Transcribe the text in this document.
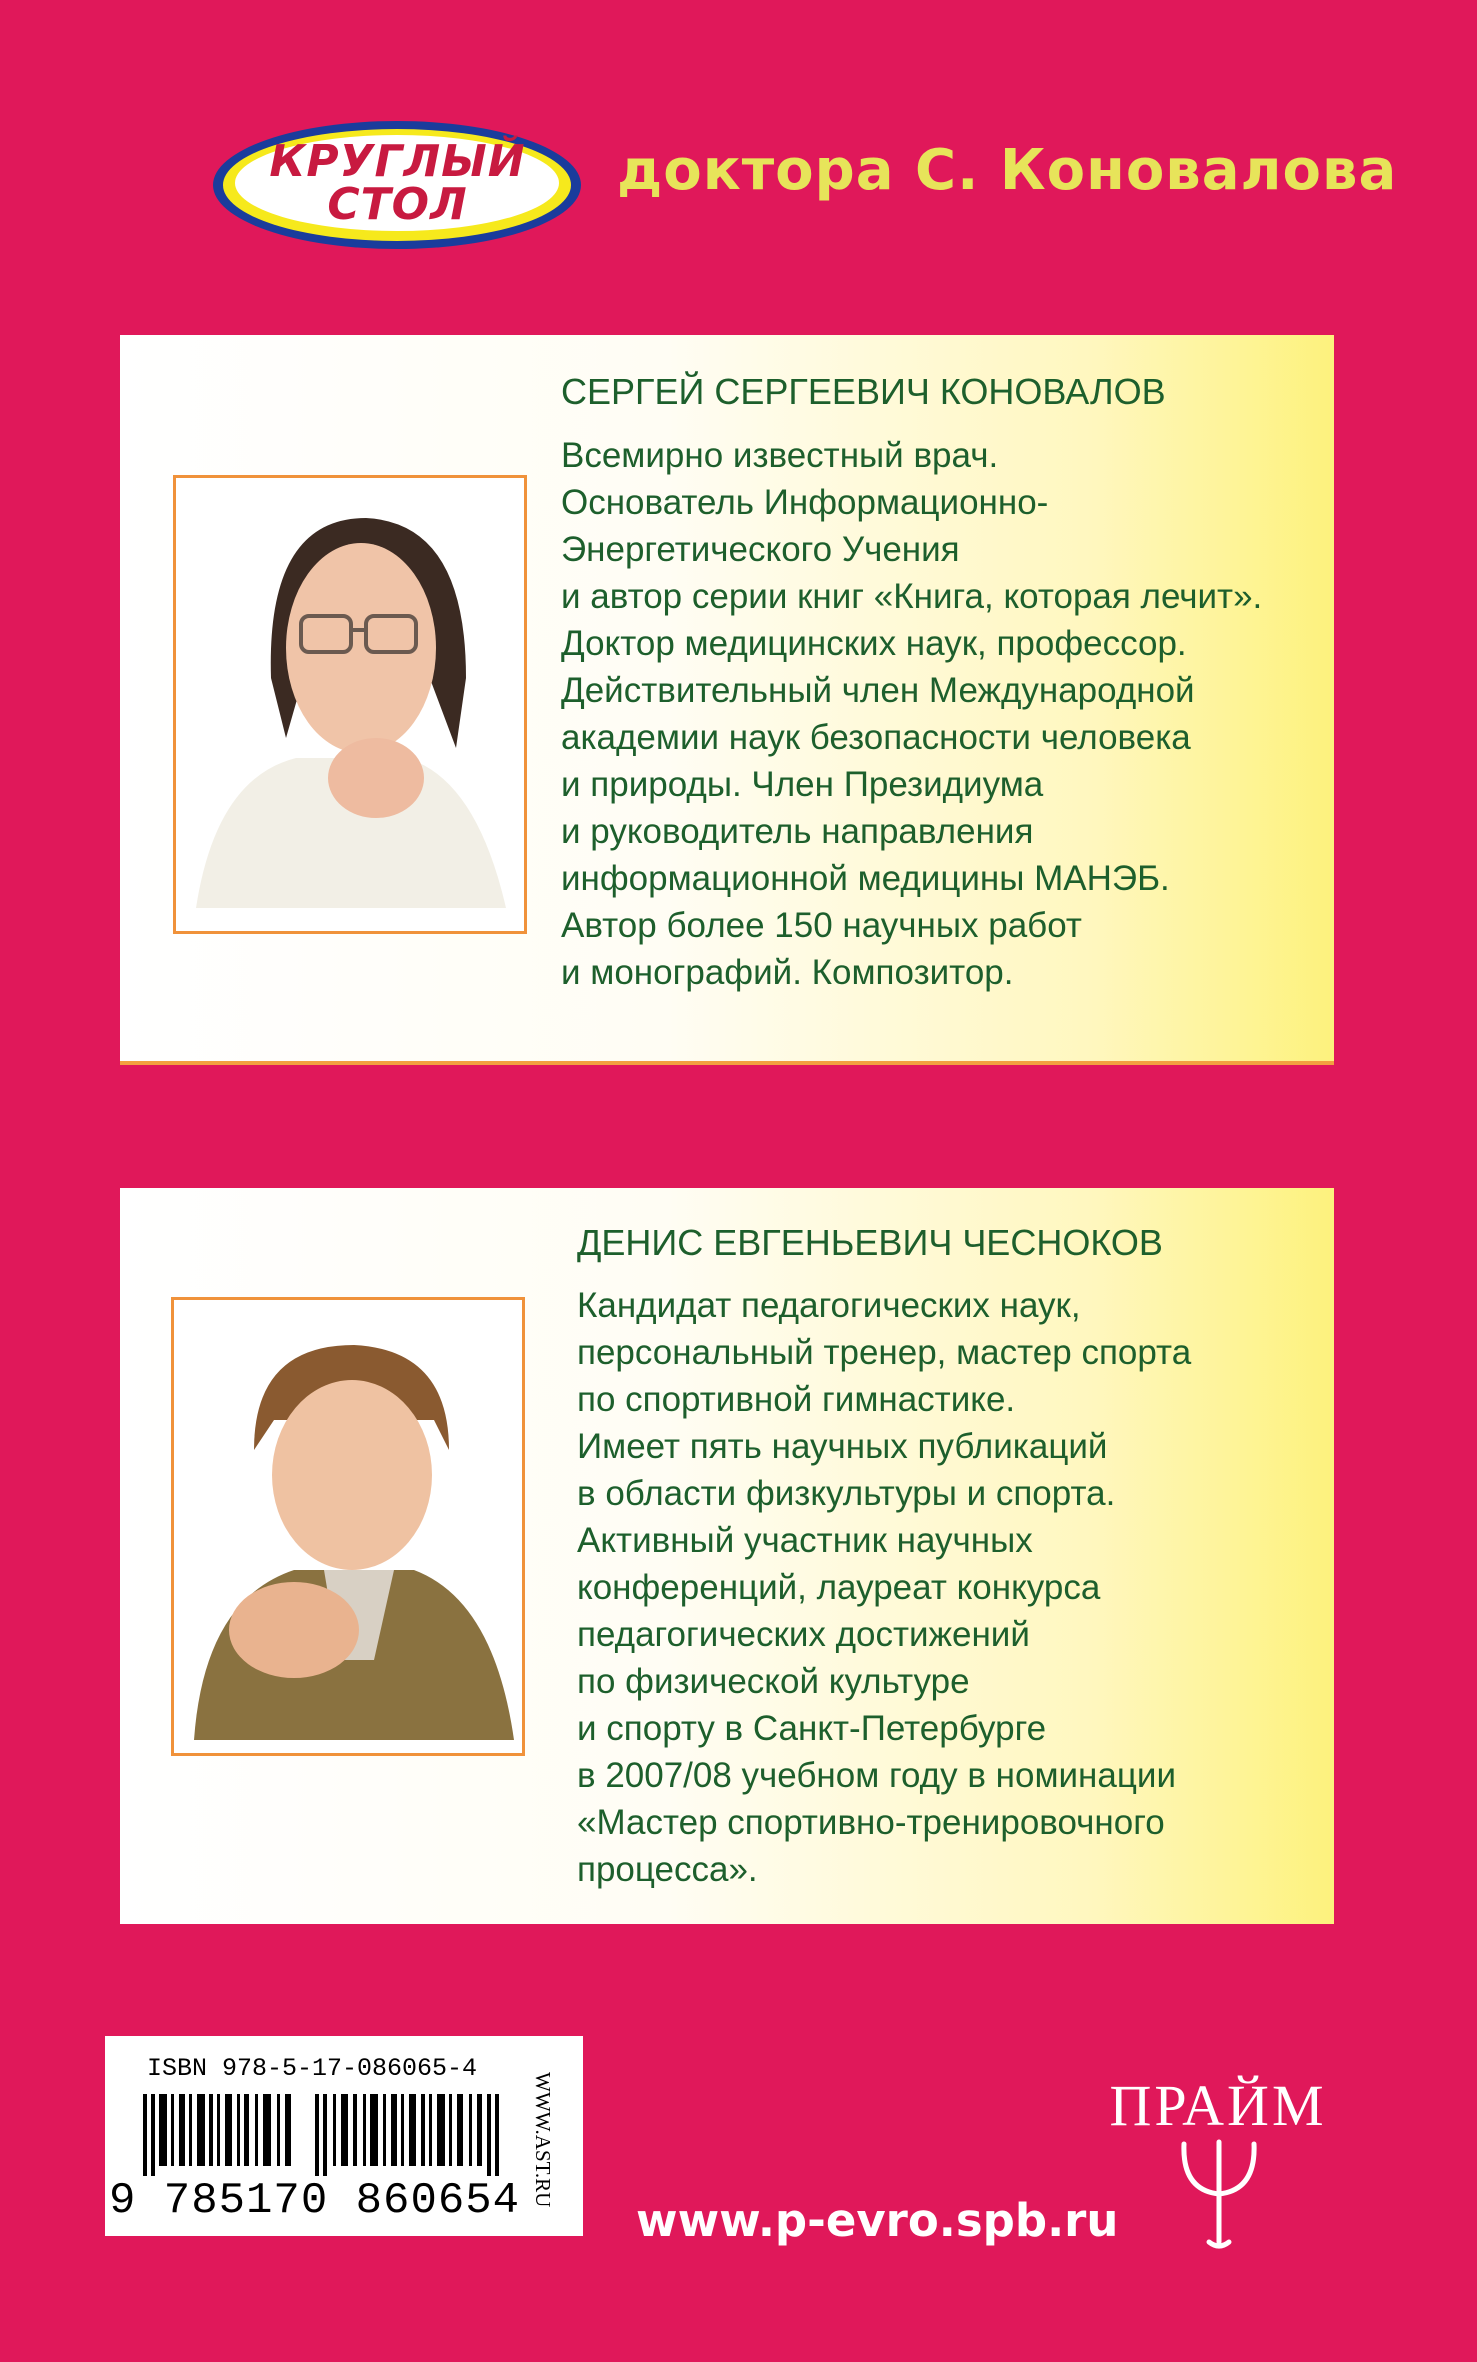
КРУГЛЫЙ
СТОЛ
доктора С. Коновалова
СЕРГЕЙ СЕРГЕЕВИЧ КОНОВАЛОВ
Всемирно известный врач.
Основатель Информационно-
Энергетического Учения
и автор серии книг «Книга, которая лечит».
Доктор медицинских наук, профессор.
Действительный член Международной
академии наук безопасности человека
и природы. Член Президиума
и руководитель направления
информационной медицины МАНЭБ.
Автор более 150 научных работ
и монографий. Композитор.
ДЕНИС ЕВГЕНЬЕВИЧ ЧЕСНОКОВ
Кандидат педагогических наук,
персональный тренер, мастер спорта
по спортивной гимнастике.
Имеет пять научных публикаций
в области физкультуры и спорта.
Активный участник научных
конференций, лауреат конкурса
педагогических достижений
по физической культуре
и спорту в Санкт-Петербурге
в 2007/08 учебном году в номинации
«Мастер спортивно-тренировочного
процесса».
ISBN 978-5-17-086065-4
9 785170 860654 WWW.AST.RU	ПРАЙМ
www.p-evro.spb.ru
